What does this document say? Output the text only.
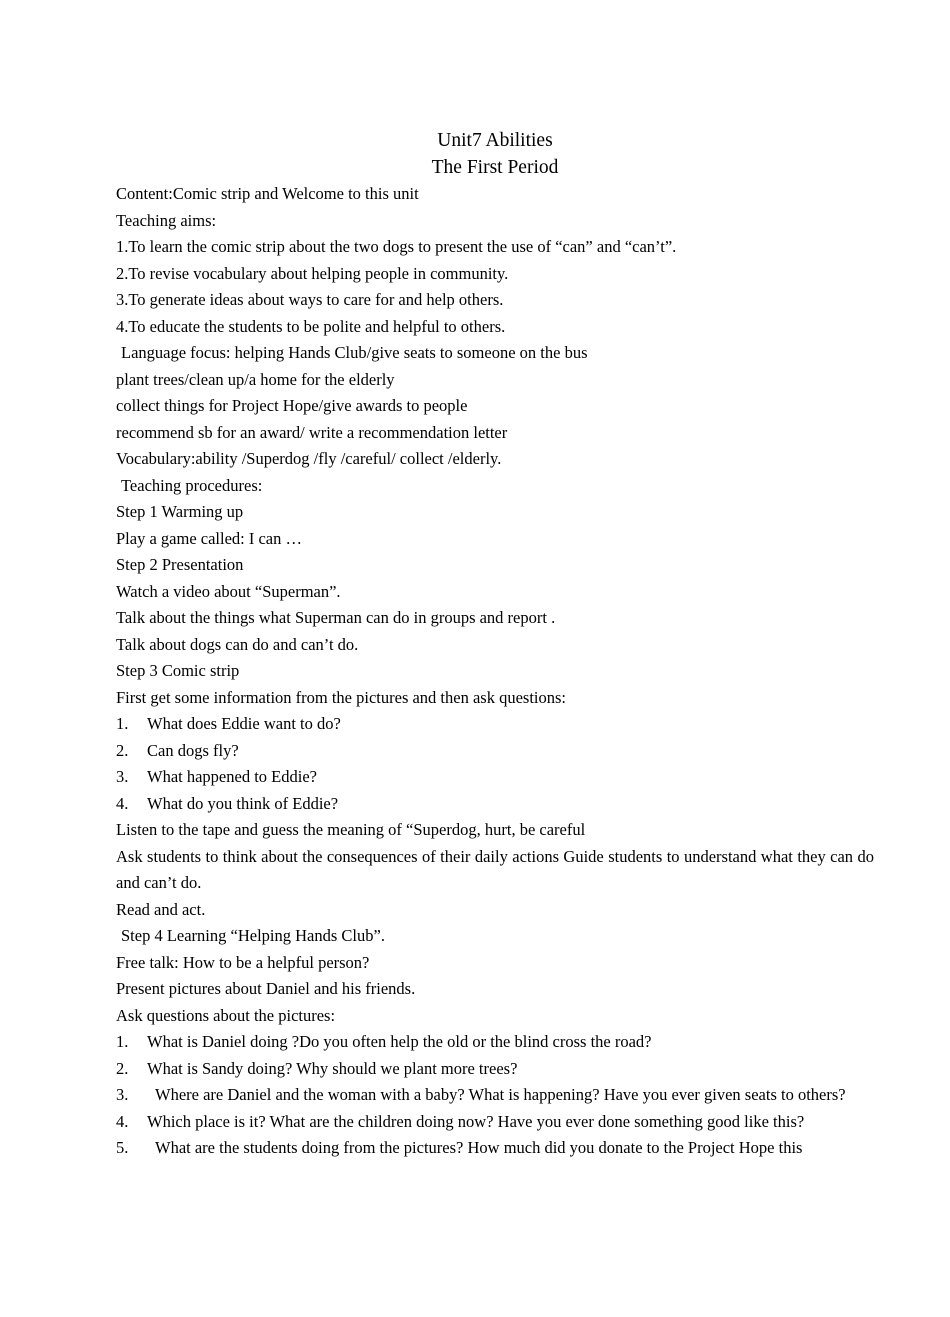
Unit7 Abilities

The First Period

Content:Comic strip and Welcome to this unit

Teaching aims:

1.To learn the comic strip about the two dogs to present the use of “can” and “can’t”.

2.To revise vocabulary about helping people in community.

3.To generate ideas about ways to care for and help others.

4.To educate the students to be polite and helpful to others.

Language focus: helping Hands Club/give seats to someone on the bus

plant trees/clean up/a home for the elderly

collect things for Project Hope/give awards to people

recommend sb for an award/ write a recommendation letter

Vocabulary:ability /Superdog /fly /careful/ collect /elderly.

Teaching procedures:

Step 1 Warming up

Play a game called: I can …

Step 2 Presentation

Watch a video about “Superman”.

Talk about the things what Superman can do in groups and report .

Talk about dogs can do and can’t do.

Step 3 Comic strip

First get some information from the pictures and then ask questions:

1.	What does Eddie want to do?
2.	Can dogs fly?
3.	What happened to Eddie?
4.	What do you think of Eddie?

Listen to the tape and guess the meaning of “Superdog, hurt, be careful

Ask students to think about the consequences of their daily actions Guide students to understand what they can do and can’t do.

Read and act.

Step 4 Learning “Helping Hands Club”.

Free talk: How to be a helpful person?

Present pictures about Daniel and his friends.

Ask questions about the pictures:

1.	What is Daniel doing ?Do you often help the old or the blind cross the road?
2.	What is Sandy doing? Why should we plant more trees?

3. Where are Daniel and the woman with a baby? What is happening? Have you ever given seats to others?

4.	Which place is it? What are the children doing now? Have you ever done something good like this?

5. What are the students doing from the pictures? How much did you donate to the Project Hope this
